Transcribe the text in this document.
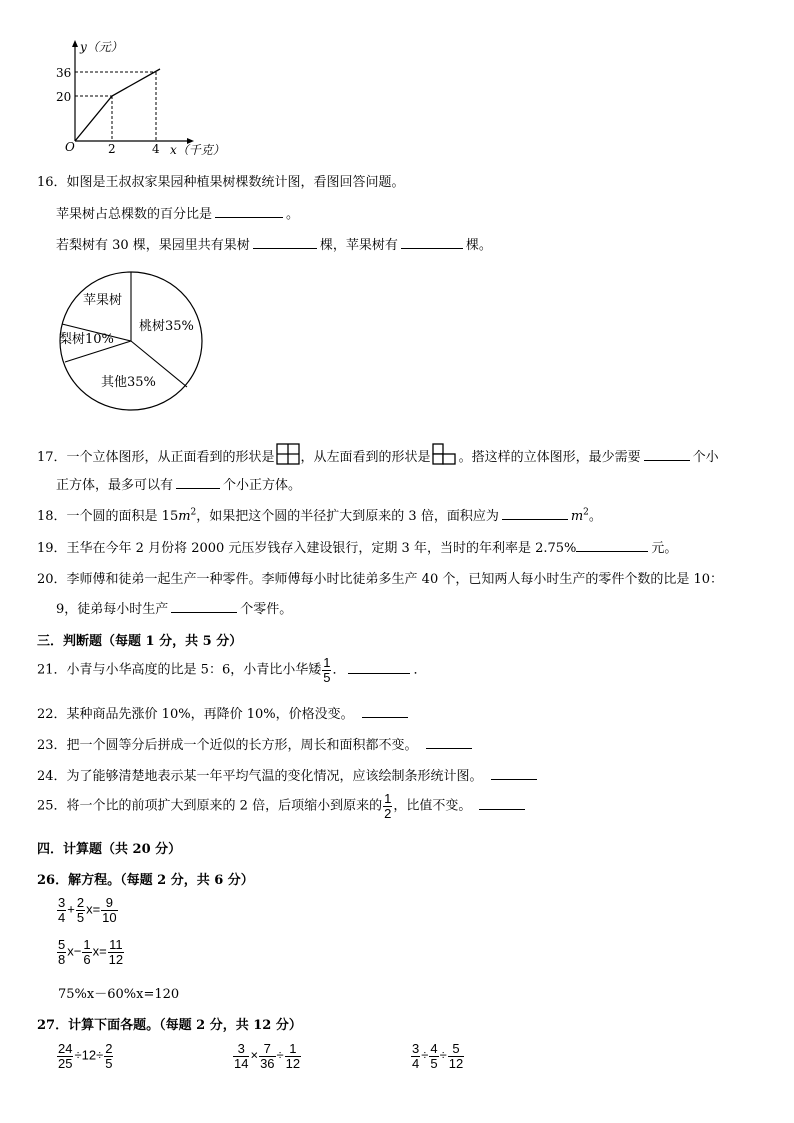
y（元）
36
20
O	2	4 x（千克）
16．如图是王叔叔家果园种植果树棵数统计图，看图回答问题。
苹果树占总棵数的百分比是	。
若梨树有 30 棵，果园里共有果树	棵，苹果树有	棵。
苹果树
桃树35%
梨树10%
其他35%
17．一个立体图形，从正面看到的形状是 ，从左面看到的形状是 。搭这样的立体图形，最少需要	个小
正方体，最多可以有	个小正方体。
18．一个圆的面积是 $15m^2$，如果把这个圆的半径扩大到原来的 3 倍，面积应为	$m^2$。
19．王华在今年 2 月份将 2000 元压岁钱存入建设银行，定期 3 年，当时的年利率是 2.75%	元。
20．李师傅和徒弟一起生产一种零件。李师傅每小时比徒弟多生产 40 个，已知两人每小时生产的零件个数的比是 10：
9，徒弟每小时生产	个零件。
三．判断题（每题 1 分，共 5 分）
21．小青与小华高度的比是 5：6，小青比小华矮 $\frac{1}{5}$ ．	．
22．某种商品先涨价 10%，再降价 10%，价格没变。
23．把一个圆等分后拼成一个近似的长方形，周长和面积都不变。
24．为了能够清楚地表示某一年平均气温的变化情况，应该绘制条形统计图。
25．将一个比的前项扩大到原来的 2 倍，后项缩小到原来的 $\frac{1}{2}$ ，比值不变。
四．计算题（共 20 分）
26．解方程。（每题 2 分，共 6 分）
$\frac{3}{4} + \frac{2}{5} x= \frac{9}{10}$
$\frac{5}{8} x- \frac{1}{6} x= \frac{11}{12}$
75%x－60%x=120
27．计算下面各题。（每题 2 分，共 12 分）
$\frac{24}{25} \div 12\div \frac{2}{5}$	$\frac{3}{14} \times \frac{7}{36} \div \frac{1}{12}$	$\frac{3}{4} \div \frac{4}{5} \div \frac{5}{12}$
